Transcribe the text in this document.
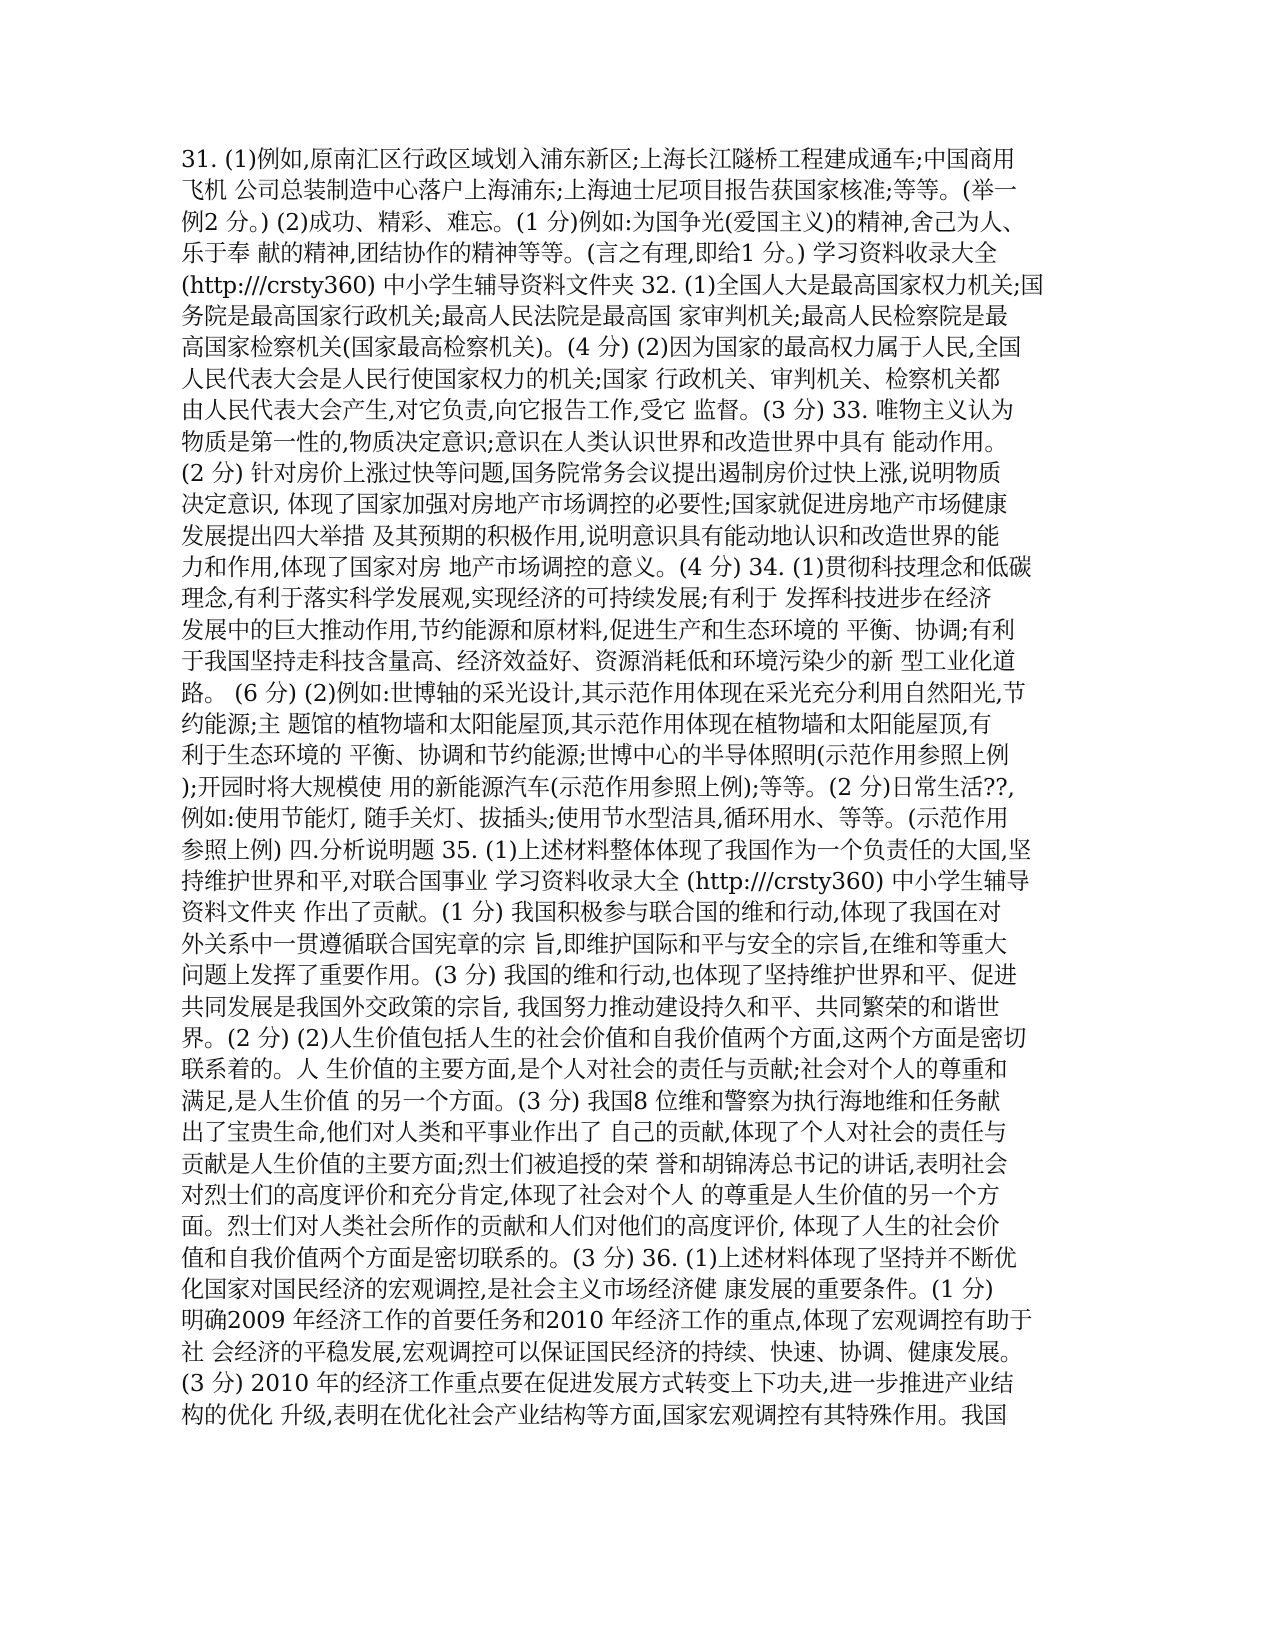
31. (1)例如,原南汇区行政区域划入浦东新区;上海长江隧桥工程建成通车;中国商用
飞机 公司总装制造中心落户上海浦东;上海迪士尼项目报告获国家核准;等等。(举一
例2 分。) (2)成功、精彩、难忘。(1 分)例如:为国争光(爱国主义)的精神,舍己为人、
乐于奉 献的精神,团结协作的精神等等。(言之有理,即给1 分。) 学习资料收录大全
(http:///crsty360) 中小学生辅导资料文件夹 32. (1)全国人大是最高国家权力机关;国
务院是最高国家行政机关;最高人民法院是最高国 家审判机关;最高人民检察院是最
高国家检察机关(国家最高检察机关)。(4 分) (2)因为国家的最高权力属于人民,全国
人民代表大会是人民行使国家权力的机关;国家 行政机关、审判机关、检察机关都
由人民代表大会产生,对它负责,向它报告工作,受它 监督。(3 分) 33. 唯物主义认为
物质是第一性的,物质决定意识;意识在人类认识世界和改造世界中具有 能动作用。
(2 分) 针对房价上涨过快等问题,国务院常务会议提出遏制房价过快上涨,说明物质
决定意识, 体现了国家加强对房地产市场调控的必要性;国家就促进房地产市场健康
发展提出四大举措 及其预期的积极作用,说明意识具有能动地认识和改造世界的能
力和作用,体现了国家对房 地产市场调控的意义。(4 分) 34. (1)贯彻科技理念和低碳
理念,有利于落实科学发展观,实现经济的可持续发展;有利于 发挥科技进步在经济
发展中的巨大推动作用,节约能源和原材料,促进生产和生态环境的 平衡、协调;有利
于我国坚持走科技含量高、经济效益好、资源消耗低和环境污染少的新 型工业化道
路。 (6 分) (2)例如:世博轴的采光设计,其示范作用体现在采光充分利用自然阳光,节
约能源;主 题馆的植物墙和太阳能屋顶,其示范作用体现在植物墙和太阳能屋顶,有
利于生态环境的 平衡、协调和节约能源;世博中心的半导体照明(示范作用参照上例
);开园时将大规模使 用的新能源汽车(示范作用参照上例);等等。(2 分)日常生活??,
例如:使用节能灯, 随手关灯、拔插头;使用节水型洁具,循环用水、等等。(示范作用
参照上例) 四.分析说明题 35. (1)上述材料整体体现了我国作为一个负责任的大国,坚
持维护世界和平,对联合国事业 学习资料收录大全 (http:///crsty360) 中小学生辅导
资料文件夹 作出了贡献。(1 分) 我国积极参与联合国的维和行动,体现了我国在对
外关系中一贯遵循联合国宪章的宗 旨,即维护国际和平与安全的宗旨,在维和等重大
问题上发挥了重要作用。(3 分) 我国的维和行动,也体现了坚持维护世界和平、促进
共同发展是我国外交政策的宗旨, 我国努力推动建设持久和平、共同繁荣的和谐世
界。(2 分) (2)人生价值包括人生的社会价值和自我价值两个方面,这两个方面是密切
联系着的。人 生价值的主要方面,是个人对社会的责任与贡献;社会对个人的尊重和
满足,是人生价值 的另一个方面。(3 分) 我国8 位维和警察为执行海地维和任务献
出了宝贵生命,他们对人类和平事业作出了 自己的贡献,体现了个人对社会的责任与
贡献是人生价值的主要方面;烈士们被追授的荣 誉和胡锦涛总书记的讲话,表明社会
对烈士们的高度评价和充分肯定,体现了社会对个人 的尊重是人生价值的另一个方
面。烈士们对人类社会所作的贡献和人们对他们的高度评价, 体现了人生的社会价
值和自我价值两个方面是密切联系的。(3 分) 36. (1)上述材料体现了坚持并不断优
化国家对国民经济的宏观调控,是社会主义市场经济健 康发展的重要条件。(1 分)
明确2009 年经济工作的首要任务和2010 年经济工作的重点,体现了宏观调控有助于
社 会经济的平稳发展,宏观调控可以保证国民经济的持续、快速、协调、健康发展。
(3 分) 2010 年的经济工作重点要在促进发展方式转变上下功夫,进一步推进产业结
构的优化 升级,表明在优化社会产业结构等方面,国家宏观调控有其特殊作用。我国
